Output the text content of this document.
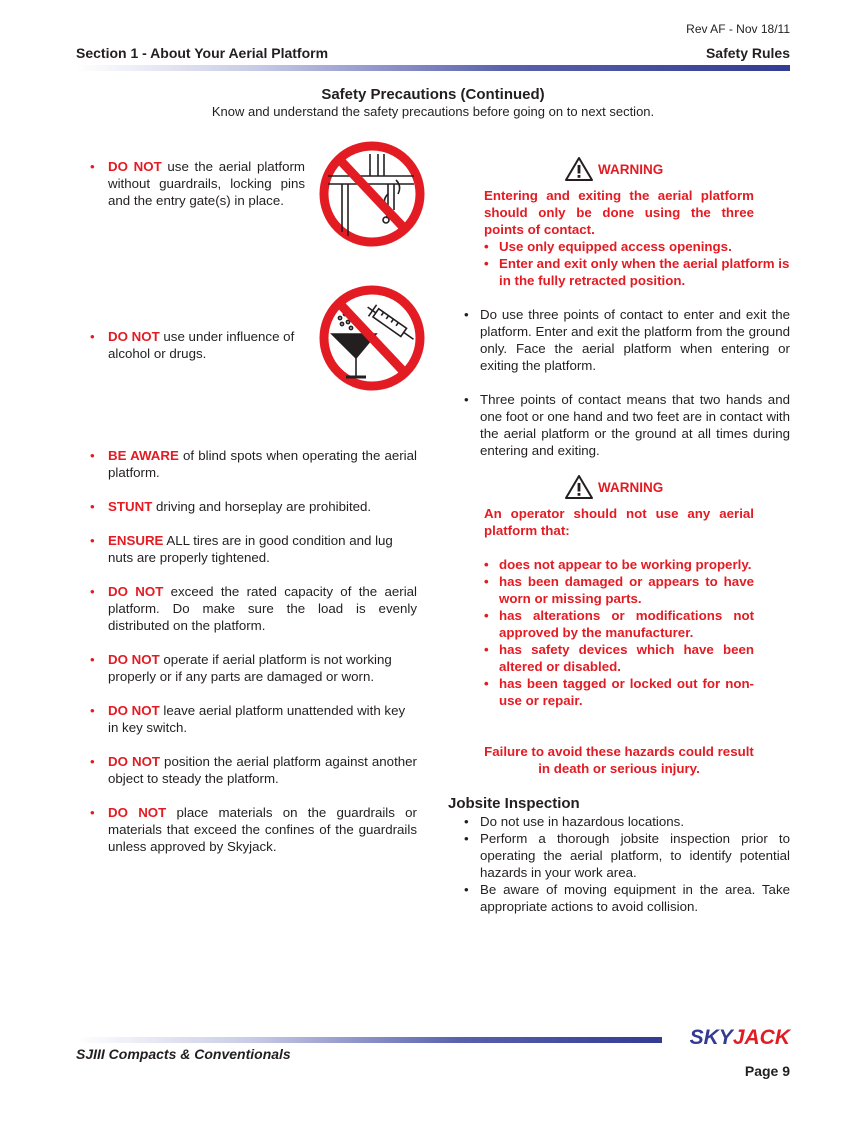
Rev AF - Nov 18/11
Section 1 - About Your Aerial Platform	Safety Rules
Safety Precautions (Continued)
Know and understand the safety precautions before going on to next section.
• DO NOT use the aerial platform without guardrails, locking pins and the entry gate(s) in place.
• DO NOT use under influence of alcohol or drugs.
• BE AWARE of blind spots when operating the aerial platform.
• STUNT driving and horseplay are prohibited.
• ENSURE ALL tires are in good condition and lug nuts are properly tightened.
• DO NOT exceed the rated capacity of the aerial platform. Do make sure the load is evenly distributed on the platform.
• DO NOT operate if aerial platform is not working properly or if any parts are damaged or worn.
• DO NOT leave aerial platform unattended with key in key switch.
• DO NOT position the aerial platform against another object to steady the platform.
• DO NOT place materials on the guardrails or materials that exceed the confines of the guardrails unless approved by Skyjack.
WARNING
Entering and exiting the aerial platform should only be done using the three points of contact.
• Use only equipped access openings.
• Enter and exit only when the aerial platform is in the fully retracted position.
• Do use three points of contact to enter and exit the platform. Enter and exit the platform from the ground only. Face the aerial platform when entering or exiting the platform.
• Three points of contact means that two hands and one foot or one hand and two feet are in contact with the aerial platform or the ground at all times during entering and exiting.
WARNING
An operator should not use any aerial platform that:
• does not appear to be working properly.
• has been damaged or appears to have worn or missing parts.
• has alterations or modifications not approved by the manufacturer.
• has safety devices which have been altered or disabled.
• has been tagged or locked out for non-use or repair.
Failure to avoid these hazards could result in death or serious injury.
Jobsite Inspection
• Do not use in hazardous locations.
• Perform a thorough jobsite inspection prior to operating the aerial platform, to identify potential hazards in your work area.
• Be aware of moving equipment in the area. Take appropriate actions to avoid collision.
SKYJACK
SJIII Compacts & Conventionals
Page 9
